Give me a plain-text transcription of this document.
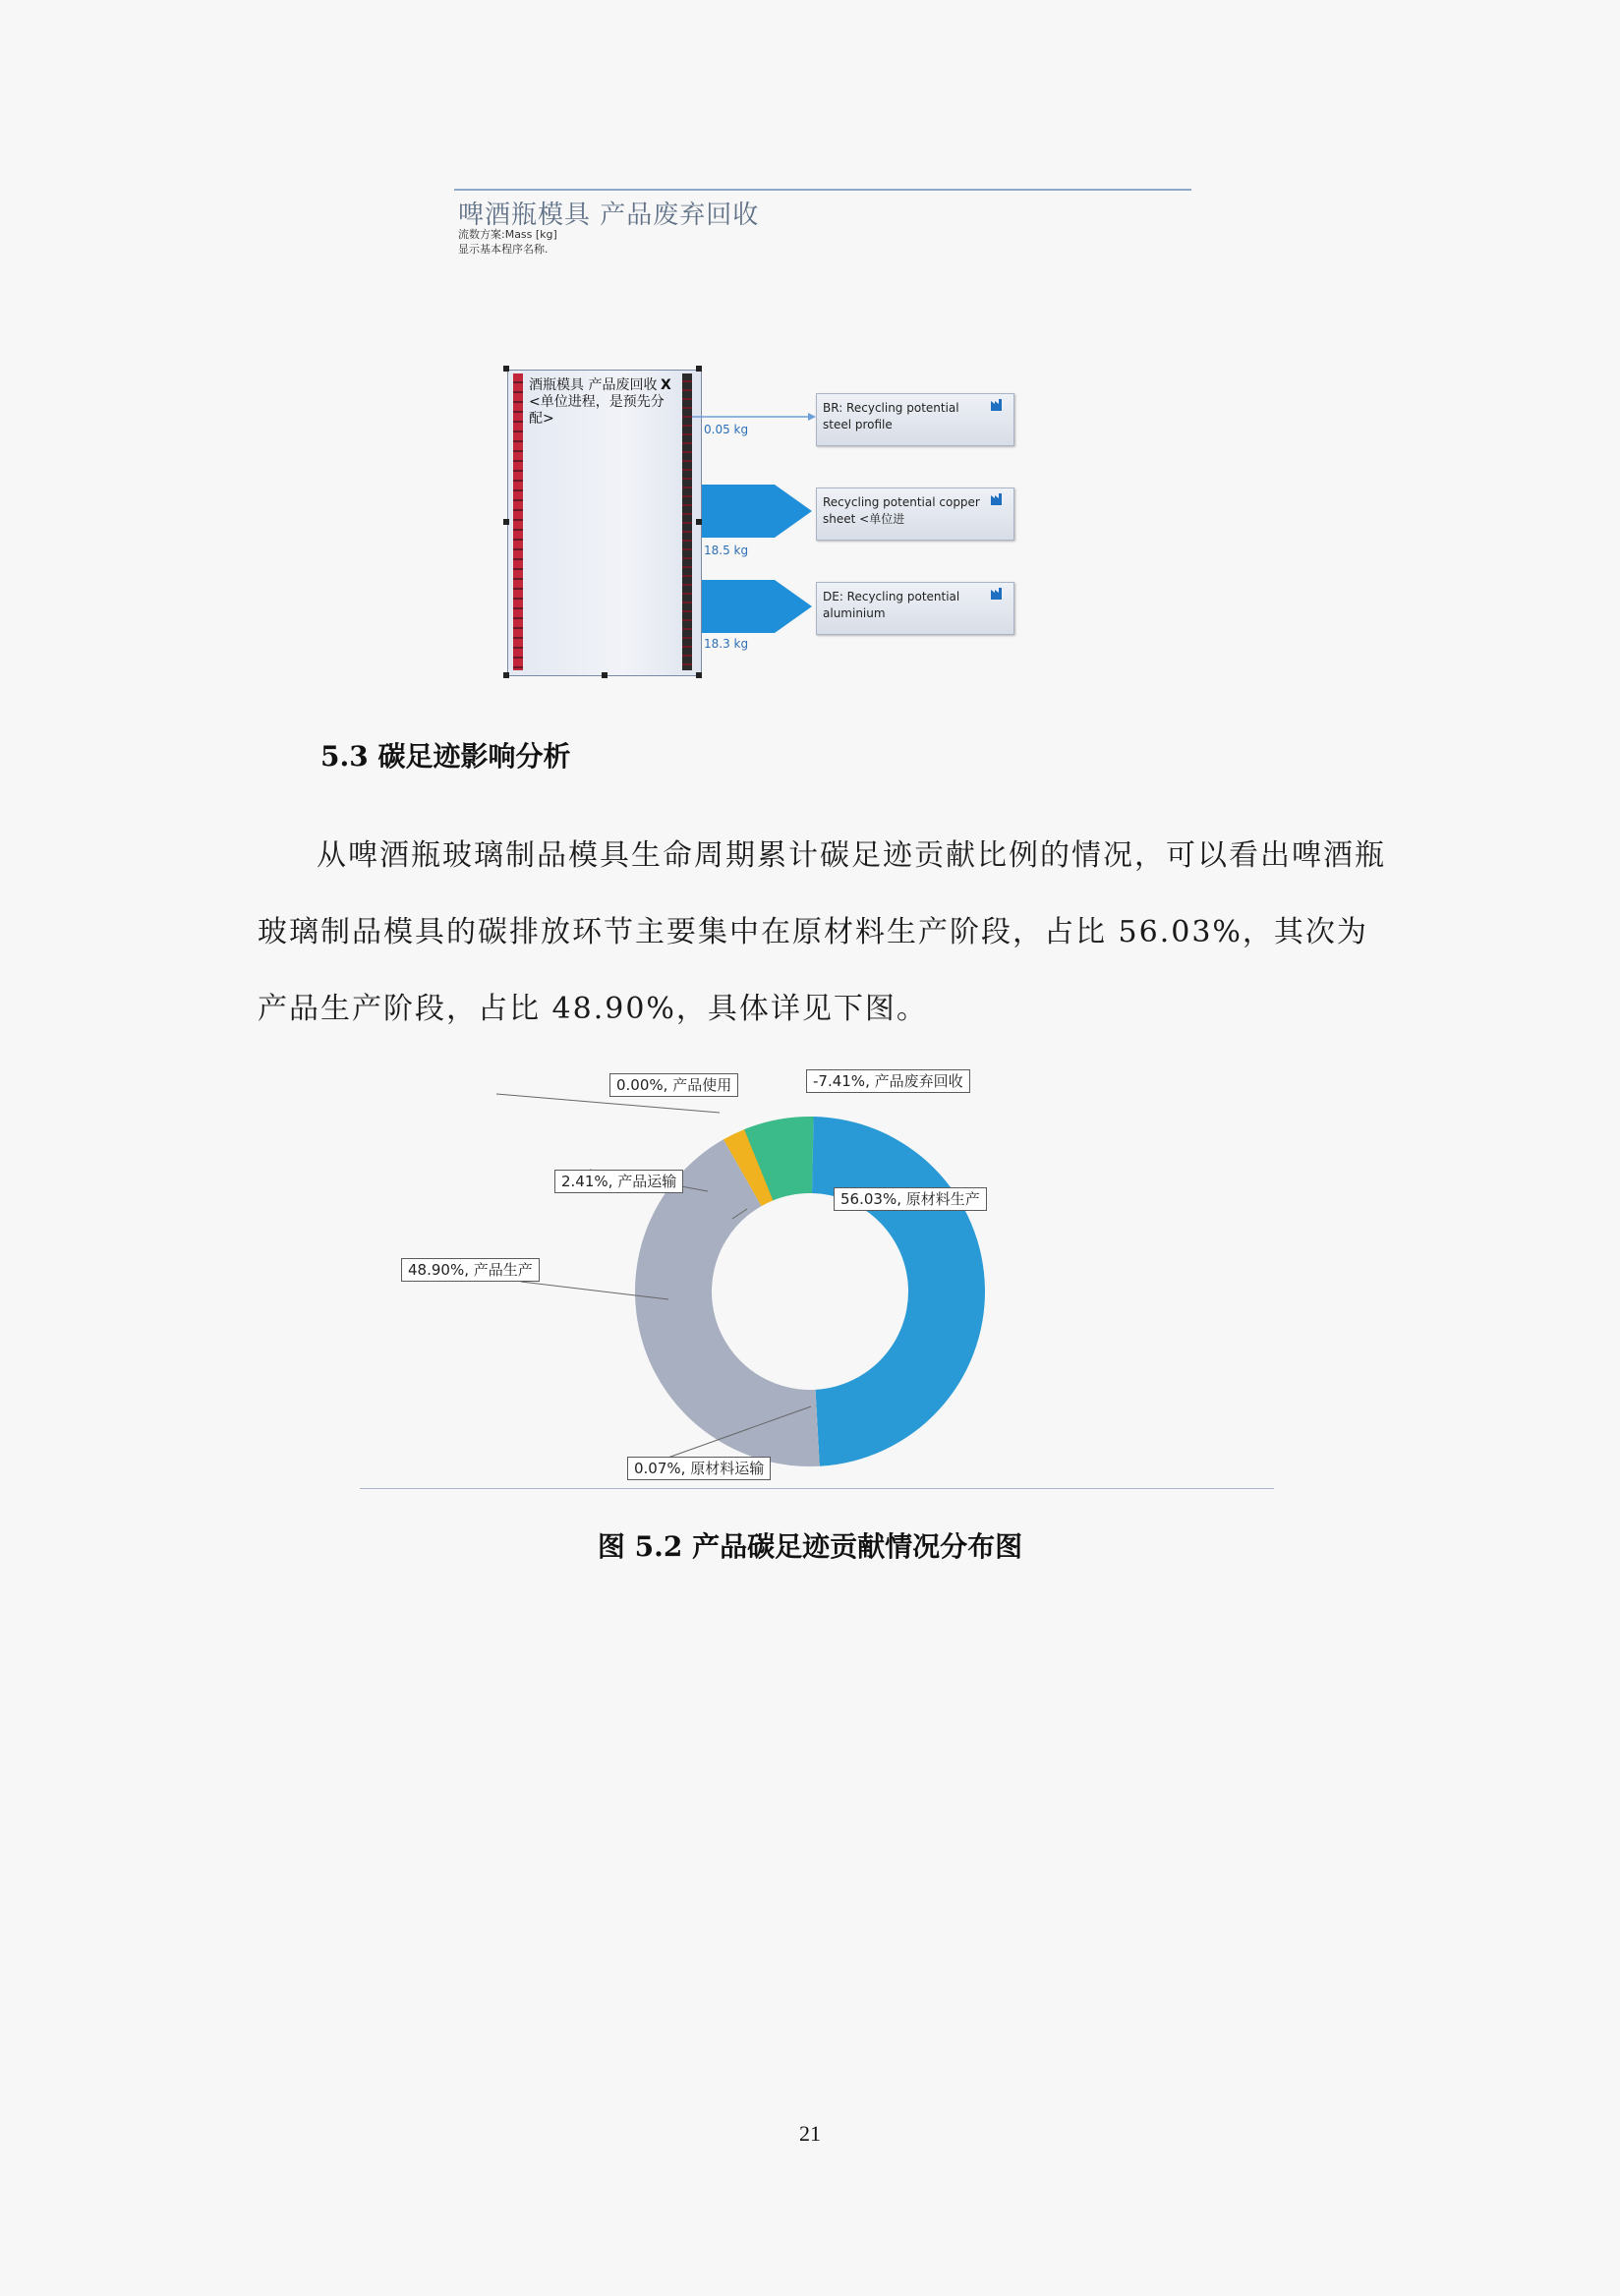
啤酒瓶模具 产品废弃回收
流数方案:Mass [kg]
显示基本程序名称.
酒瓶模具 产品废回收 <单位进程，是预先分配>
X
0.05 kg
18.5 kg
18.3 kg
BR: Recycling potential steel profile
Recycling potential copper sheet <单位进
DE: Recycling potential aluminium
5.3 碳足迹影响分析
从啤酒瓶玻璃制品模具生命周期累计碳足迹贡献比例的情况，可以看出啤酒瓶玻璃制品模具的碳排放环节主要集中在原材料生产阶段，占比 56.03%，其次为产品生产阶段，占比 48.90%，具体详见下图。
0.00%, 产品使用	-7.41%, 产品废弃回收
2.41%, 产品运输
56.03%, 原材料生产
48.90%, 产品生产
0.07%, 原材料运输
图 5.2 产品碳足迹贡献情况分布图
21
